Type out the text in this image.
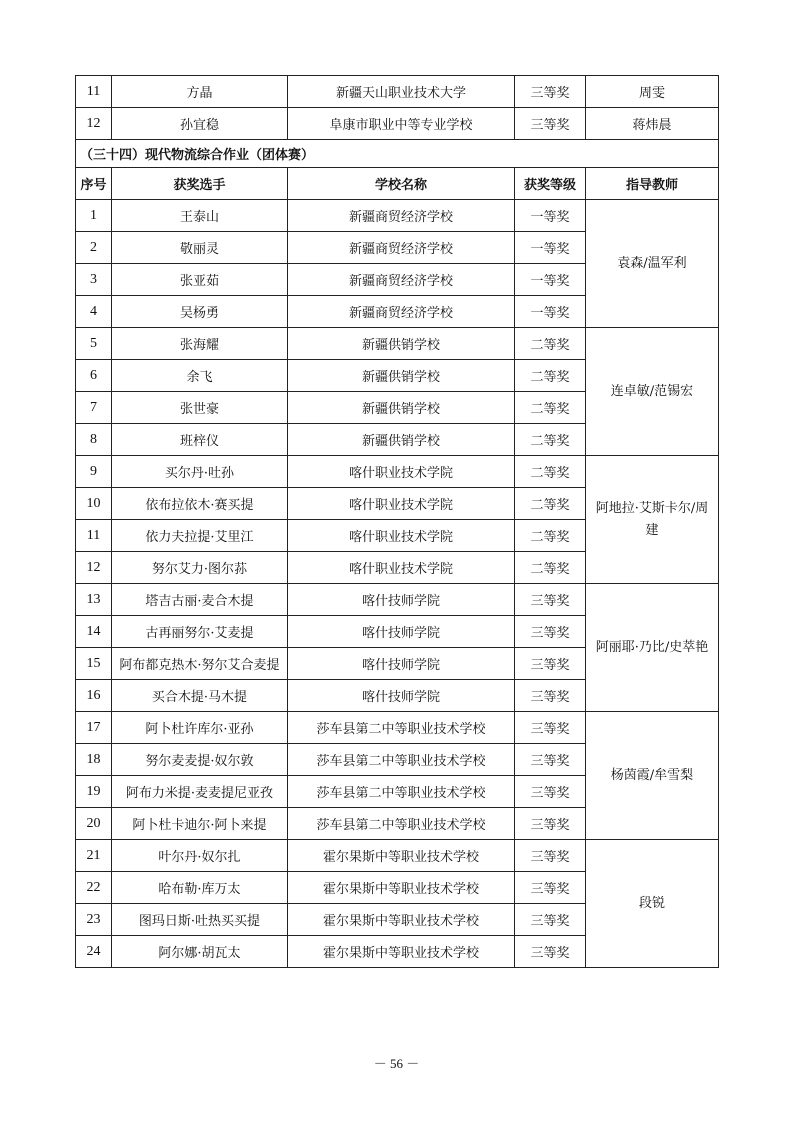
11	方晶	新疆天山职业技术大学	三等奖	周雯
12	孙宜稳	阜康市职业中等专业学校	三等奖	蒋炜晨
（三十四）现代物流综合作业（团体赛）				
序号	获奖选手	学校名称	获奖等级	指导教师
1	王泰山	新疆商贸经济学校	一等奖	袁森/温军利
2	敬丽灵	新疆商贸经济学校	一等奖	
3	张亚茹	新疆商贸经济学校	一等奖	
4	吴杨勇	新疆商贸经济学校	一等奖	
5	张海耀	新疆供销学校	二等奖	连卓敏/范锡宏
6	余飞	新疆供销学校	二等奖	
7	张世豪	新疆供销学校	二等奖	
8	班梓仪	新疆供销学校	二等奖	
9	买尔丹·吐孙	喀什职业技术学院	二等奖	阿地拉·艾斯卡尔/周建
10	依布拉依木·赛买提	喀什职业技术学院	二等奖	
11	依力夫拉提·艾里江	喀什职业技术学院	二等奖	
12	努尔艾力·图尔荪	喀什职业技术学院	二等奖	
13	塔吉古丽·麦合木提	喀什技师学院	三等奖	阿丽耶·乃比/史萃艳
14	古再丽努尔·艾麦提	喀什技师学院	三等奖	
15	阿布都克热木·努尔艾合麦提	喀什技师学院	三等奖	
16	买合木提·马木提	喀什技师学院	三等奖	
17	阿卜杜许库尔·亚孙	莎车县第二中等职业技术学校	三等奖	杨茵霞/牟雪梨
18	努尔麦麦提·奴尔敦	莎车县第二中等职业技术学校	三等奖	
19	阿布力米提·麦麦提尼亚孜	莎车县第二中等职业技术学校	三等奖	
20	阿卜杜卡迪尔·阿卜来提	莎车县第二中等职业技术学校	三等奖	
21	叶尔丹·奴尔扎	霍尔果斯中等职业技术学校	三等奖	段锐
22	哈布勒·库万太	霍尔果斯中等职业技术学校	三等奖	
23	图玛日斯·吐热买买提	霍尔果斯中等职业技术学校	三等奖	
24	阿尔娜·胡瓦太	霍尔果斯中等职业技术学校	三等奖	
－ 56 －
